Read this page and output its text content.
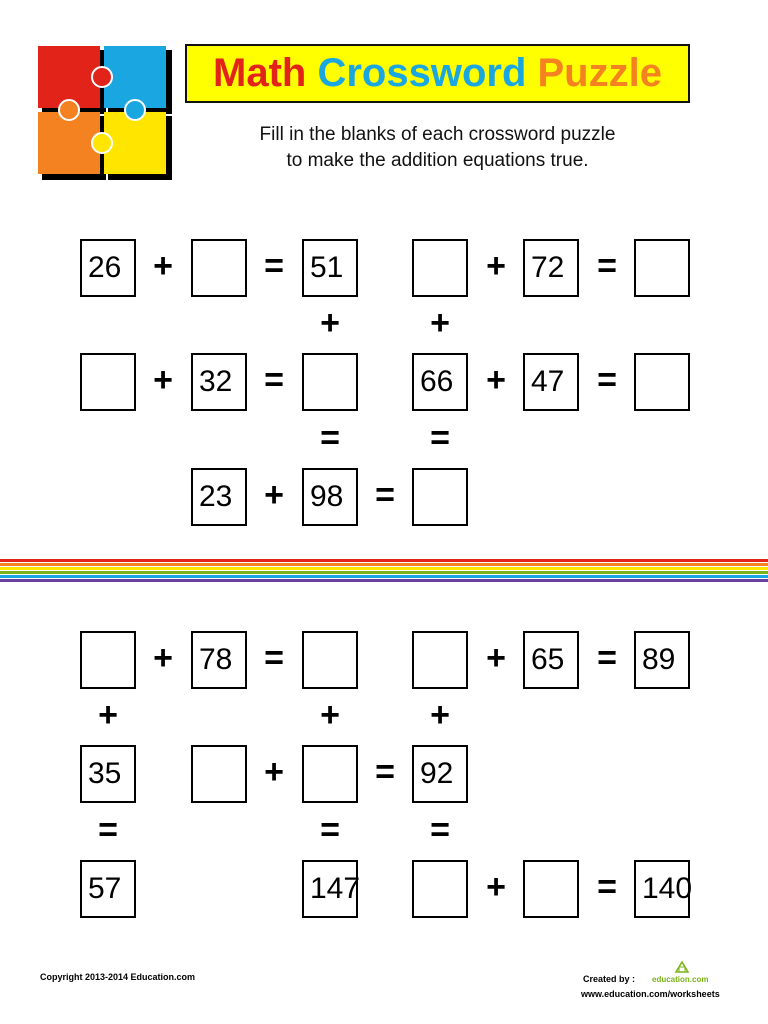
Math Crossword Puzzle
Fill in the blanks of each crossword puzzle
to make the addition equations true.
26 +	= 51	+ 72 =
+	+
+ 32 =	66 + 47 =
=	=
23 + 98 =
+ 78 =	+ 65 = 89
+	+	+
35	+	= 92
=	=	=
57	147	+	= 140
Copyright 2013-2014 Education.com	Created by : education.com
www.education.com/worksheets
